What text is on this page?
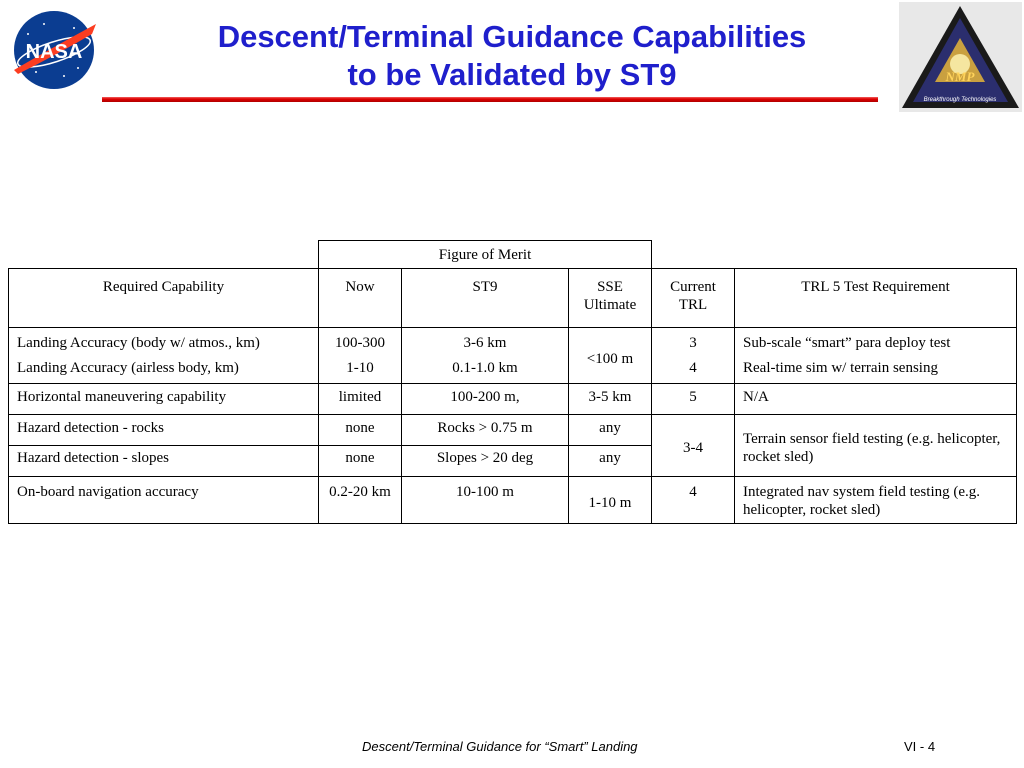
NASA	Descent/Terminal Guidance Capabilities
to be Validated by ST9	NMP
Breakthrough Technologies
	Figure of Merit				
Required Capability	Now	ST9	SSE Ultimate	Current TRL	TRL 5 Test Requirement
Landing Accuracy (body w/ atmos., km)	100-300	3-6 km	<100 m	3	Sub-scale “smart” para deploy test
Landing Accuracy (airless body, km)	1-10	0.1-1.0 km		4	Real-time sim w/ terrain sensing
Horizontal maneuvering capability	limited	100-200 m,	3-5 km	5	N/A
Hazard detection - rocks	none	Rocks > 0.75 m	any	3-4	Terrain sensor field testing (e.g. helicopter, rocket sled)
Hazard detection - slopes	none	Slopes > 20 deg	any		
On-board navigation accuracy	0.2-20 km	10-100 m	1-10 m	4	Integrated nav system field testing (e.g. helicopter, rocket sled)
Descent/Terminal Guidance for “Smart” Landing	VI - 4
